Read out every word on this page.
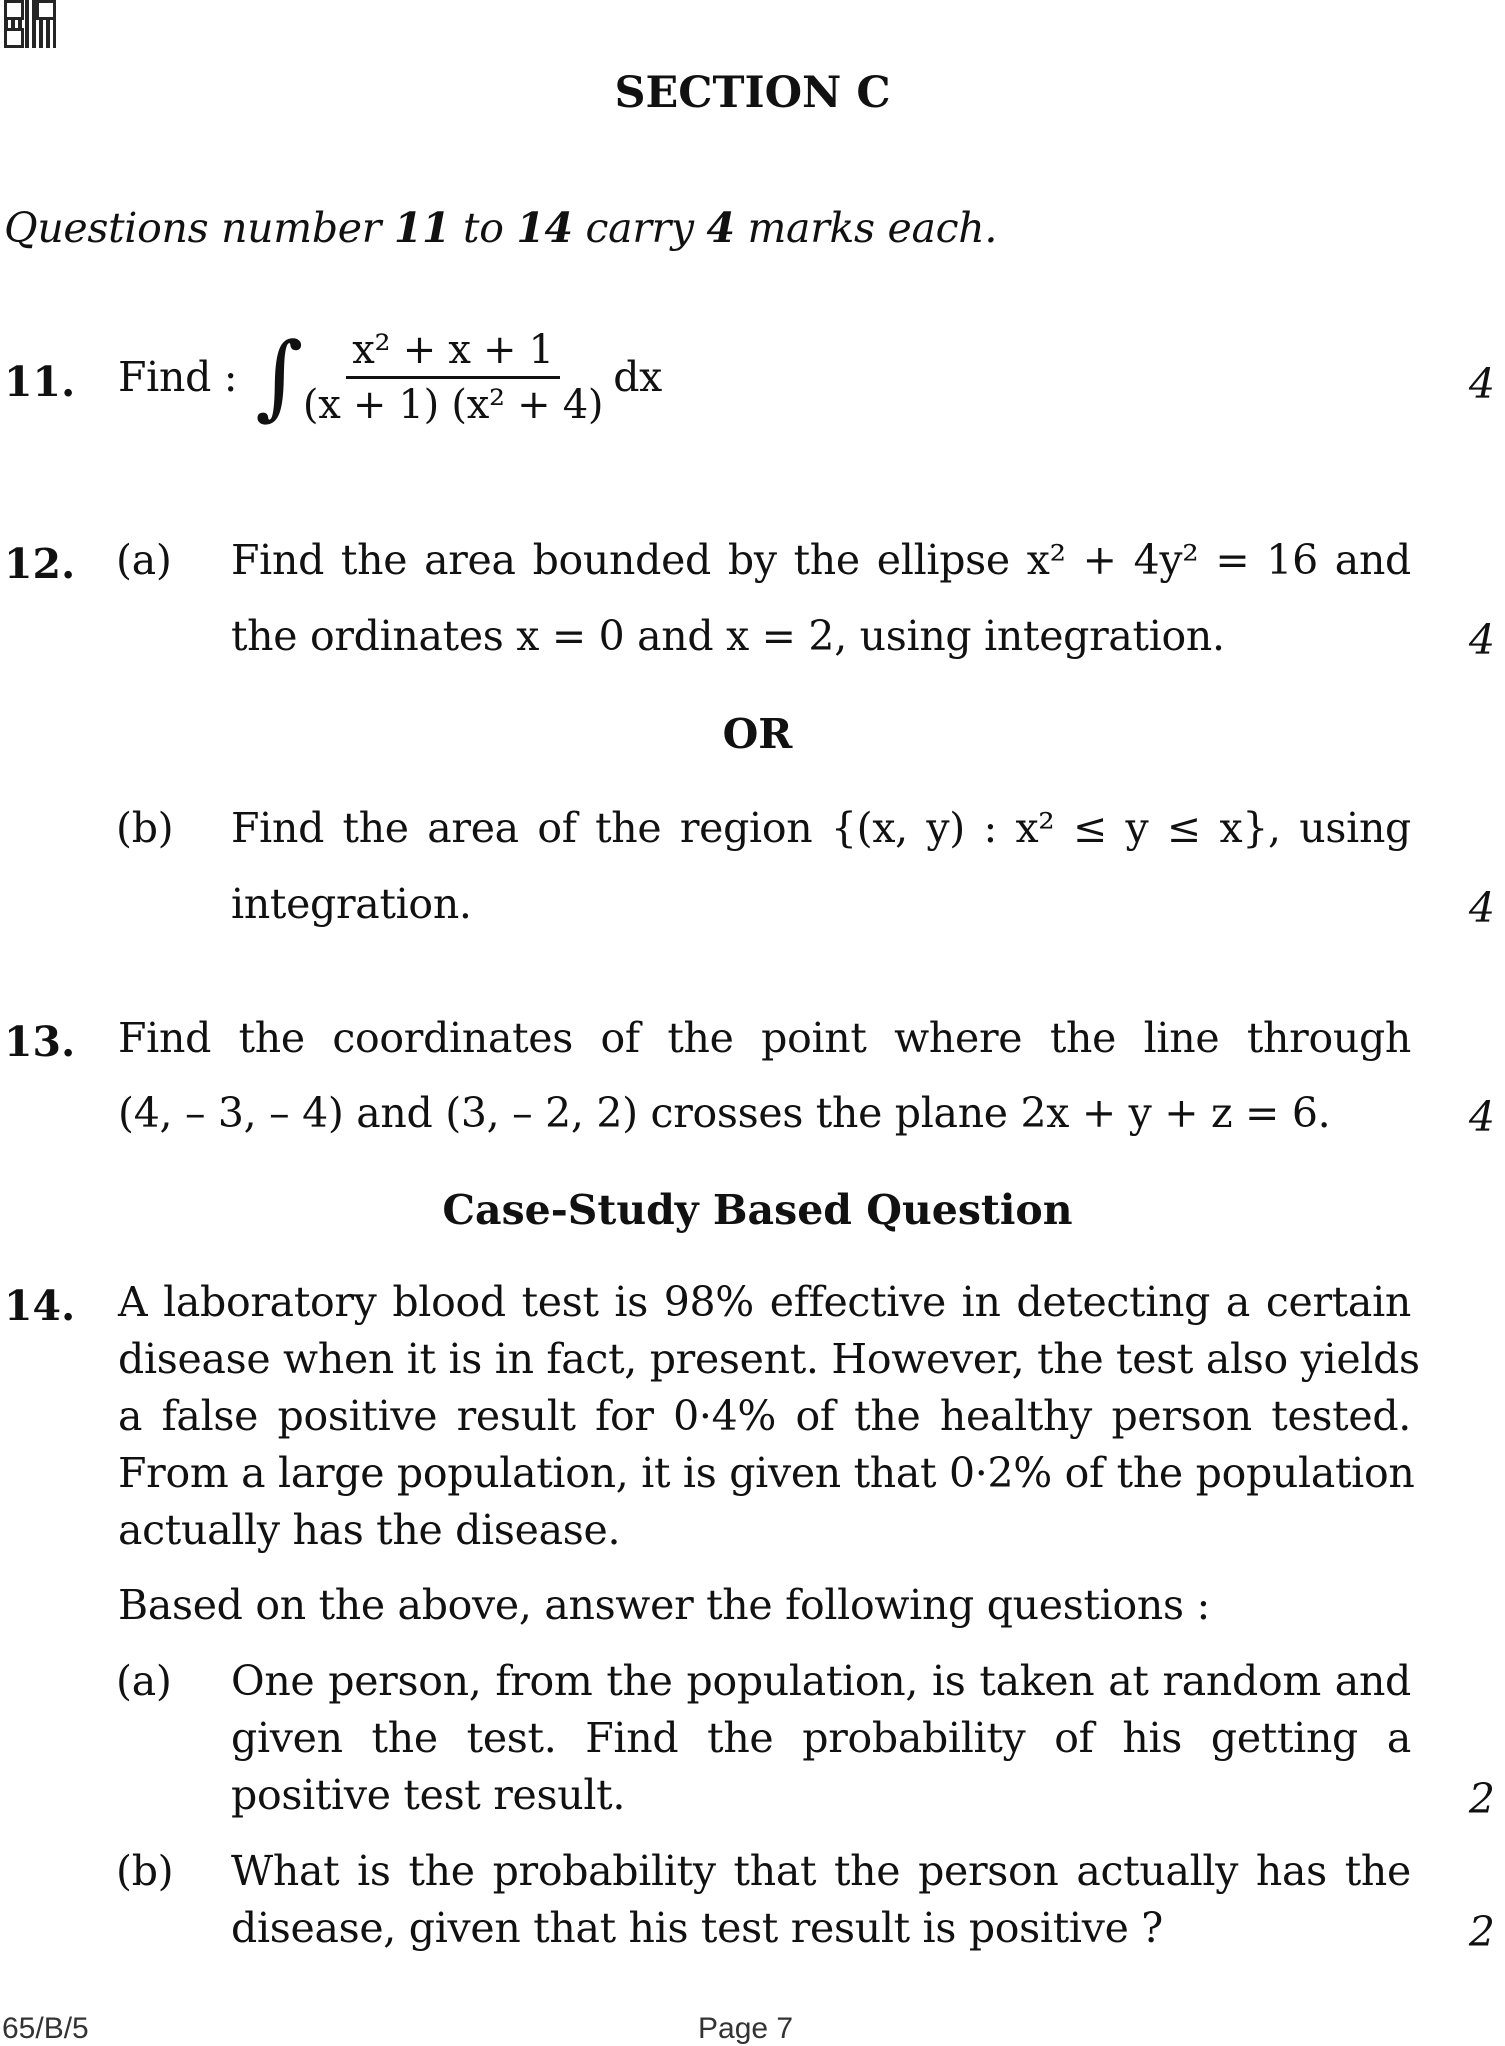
SECTION C
Questions number 11 to 14 carry 4 marks each.
11. Find : ∫ $\frac{\text{x² + x + 1}}{\text{(x + 1) (x² + 4)}}$ dx	4
12. (a) Find the area bounded by the ellipse x² + 4y² = 16 and
the ordinates x = 0 and x = 2, using integration.	4
OR
(b) Find the area of the region {(x, y) : x² ≤ y ≤ x}, using
integration.	4
13. Find the coordinates of the point where the line through
(4, – 3, – 4) and (3, – 2, 2) crosses the plane 2x + y + z = 6.	4
Case-Study Based Question
14. A laboratory blood test is 98% effective in detecting a certain
disease when it is in fact, present. However, the test also yields
a false positive result for 0·4% of the healthy person tested.
From a large population, it is given that 0·2% of the population
actually has the disease.
Based on the above, answer the following questions :
(a) One person, from the population, is taken at random and
given the test. Find the probability of his getting a
positive test result.	2
(b) What is the probability that the person actually has the
disease, given that his test result is positive ?	2
65/B/5	Page 7
